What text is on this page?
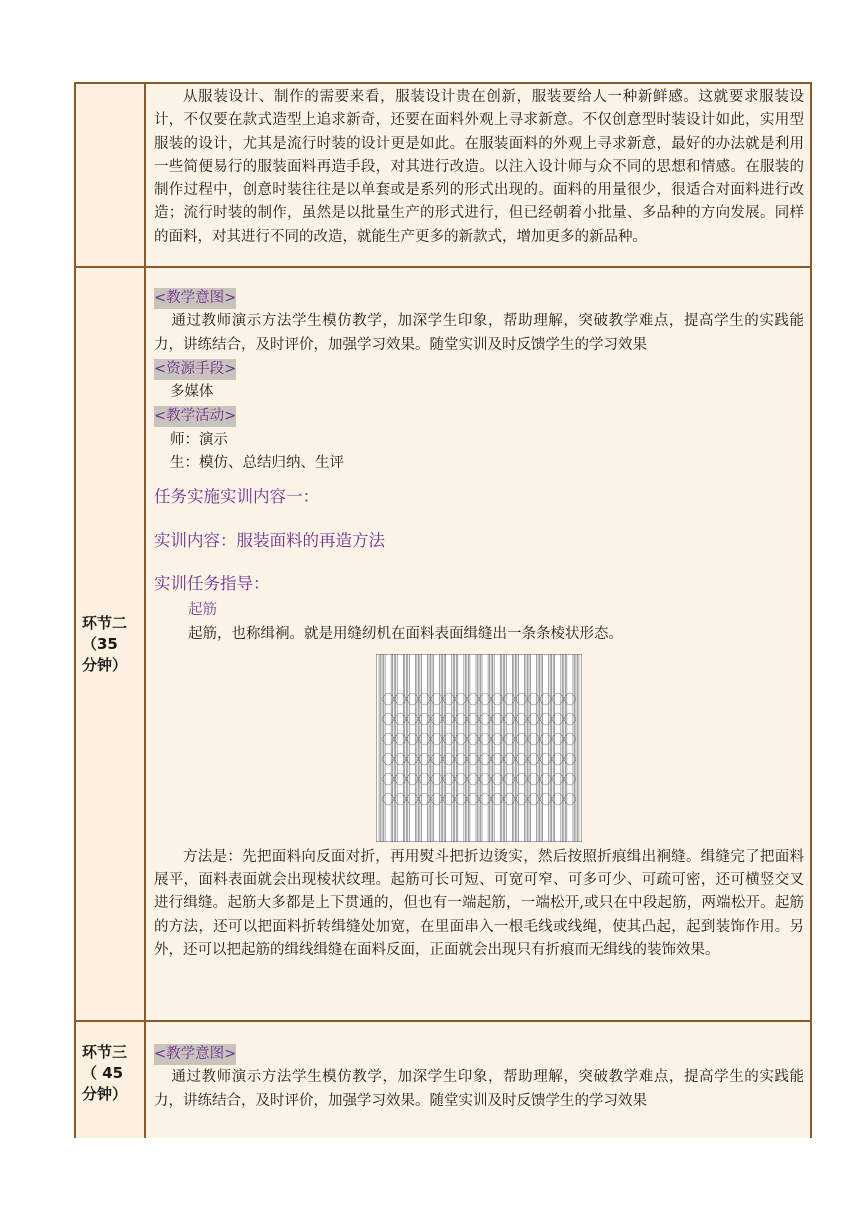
从服装设计、制作的需要来看，服装设计贵在创新，服装要给人一种新鲜感。这就要求服装设计，不仅要在款式造型上追求新奇，还要在面料外观上寻求新意。不仅创意型时装设计如此，实用型服装的设计，尤其是流行时装的设计更是如此。在服装面料的外观上寻求新意，最好的办法就是利用一些简便易行的服装面料再造手段，对其进行改造。以注入设计师与众不同的思想和情感。在服装的制作过程中，创意时装往往是以单套或是系列的形式出现的。面料的用量很少，很适合对面料进行改造；流行时装的制作，虽然是以批量生产的形式进行，但已经朝着小批量、多品种的方向发展。同样的面料，对其进行不同的改造，就能生产更多的新款式，增加更多的新品种。

环节二（35 分钟）
<教学意图>

通过教师演示方法学生模仿教学，加深学生印象，帮助理解，突破教学难点，提高学生的实践能力，讲练结合，及时评价，加强学习效果。随堂实训及时反馈学生的学习效果

<资源手段>
多媒体
<教学活动>
师：演示
生：模仿、总结归纳、生评

任务实施实训内容一：

实训内容：服装面料的再造方法

实训任务指导：

起筋
起筋，也称缉裥。就是用缝纫机在面料表面缉缝出一条条棱状形态。

方法是：先把面料向反面对折，再用熨斗把折边烫实，然后按照折痕缉出裥缝。缉缝完了把面料展平，面料表面就会出现棱状纹理。起筋可长可短、可宽可窄、可多可少、可疏可密，还可横竖交叉进行缉缝。起筋大多都是上下贯通的，但也有一端起筋，一端松开,或只在中段起筋，两端松开。起筋的方法，还可以把面料折转缉缝处加宽，在里面串入一根毛线或线绳，使其凸起，起到装饰作用。另外，还可以把起筋的缉线缉缝在面料反面，正面就会出现只有折痕而无缉线的装饰效果。

环节三（ 45 分钟）
<教学意图>

通过教师演示方法学生模仿教学，加深学生印象，帮助理解，突破教学难点，提高学生的实践能力，讲练结合，及时评价，加强学习效果。随堂实训及时反馈学生的学习效果
